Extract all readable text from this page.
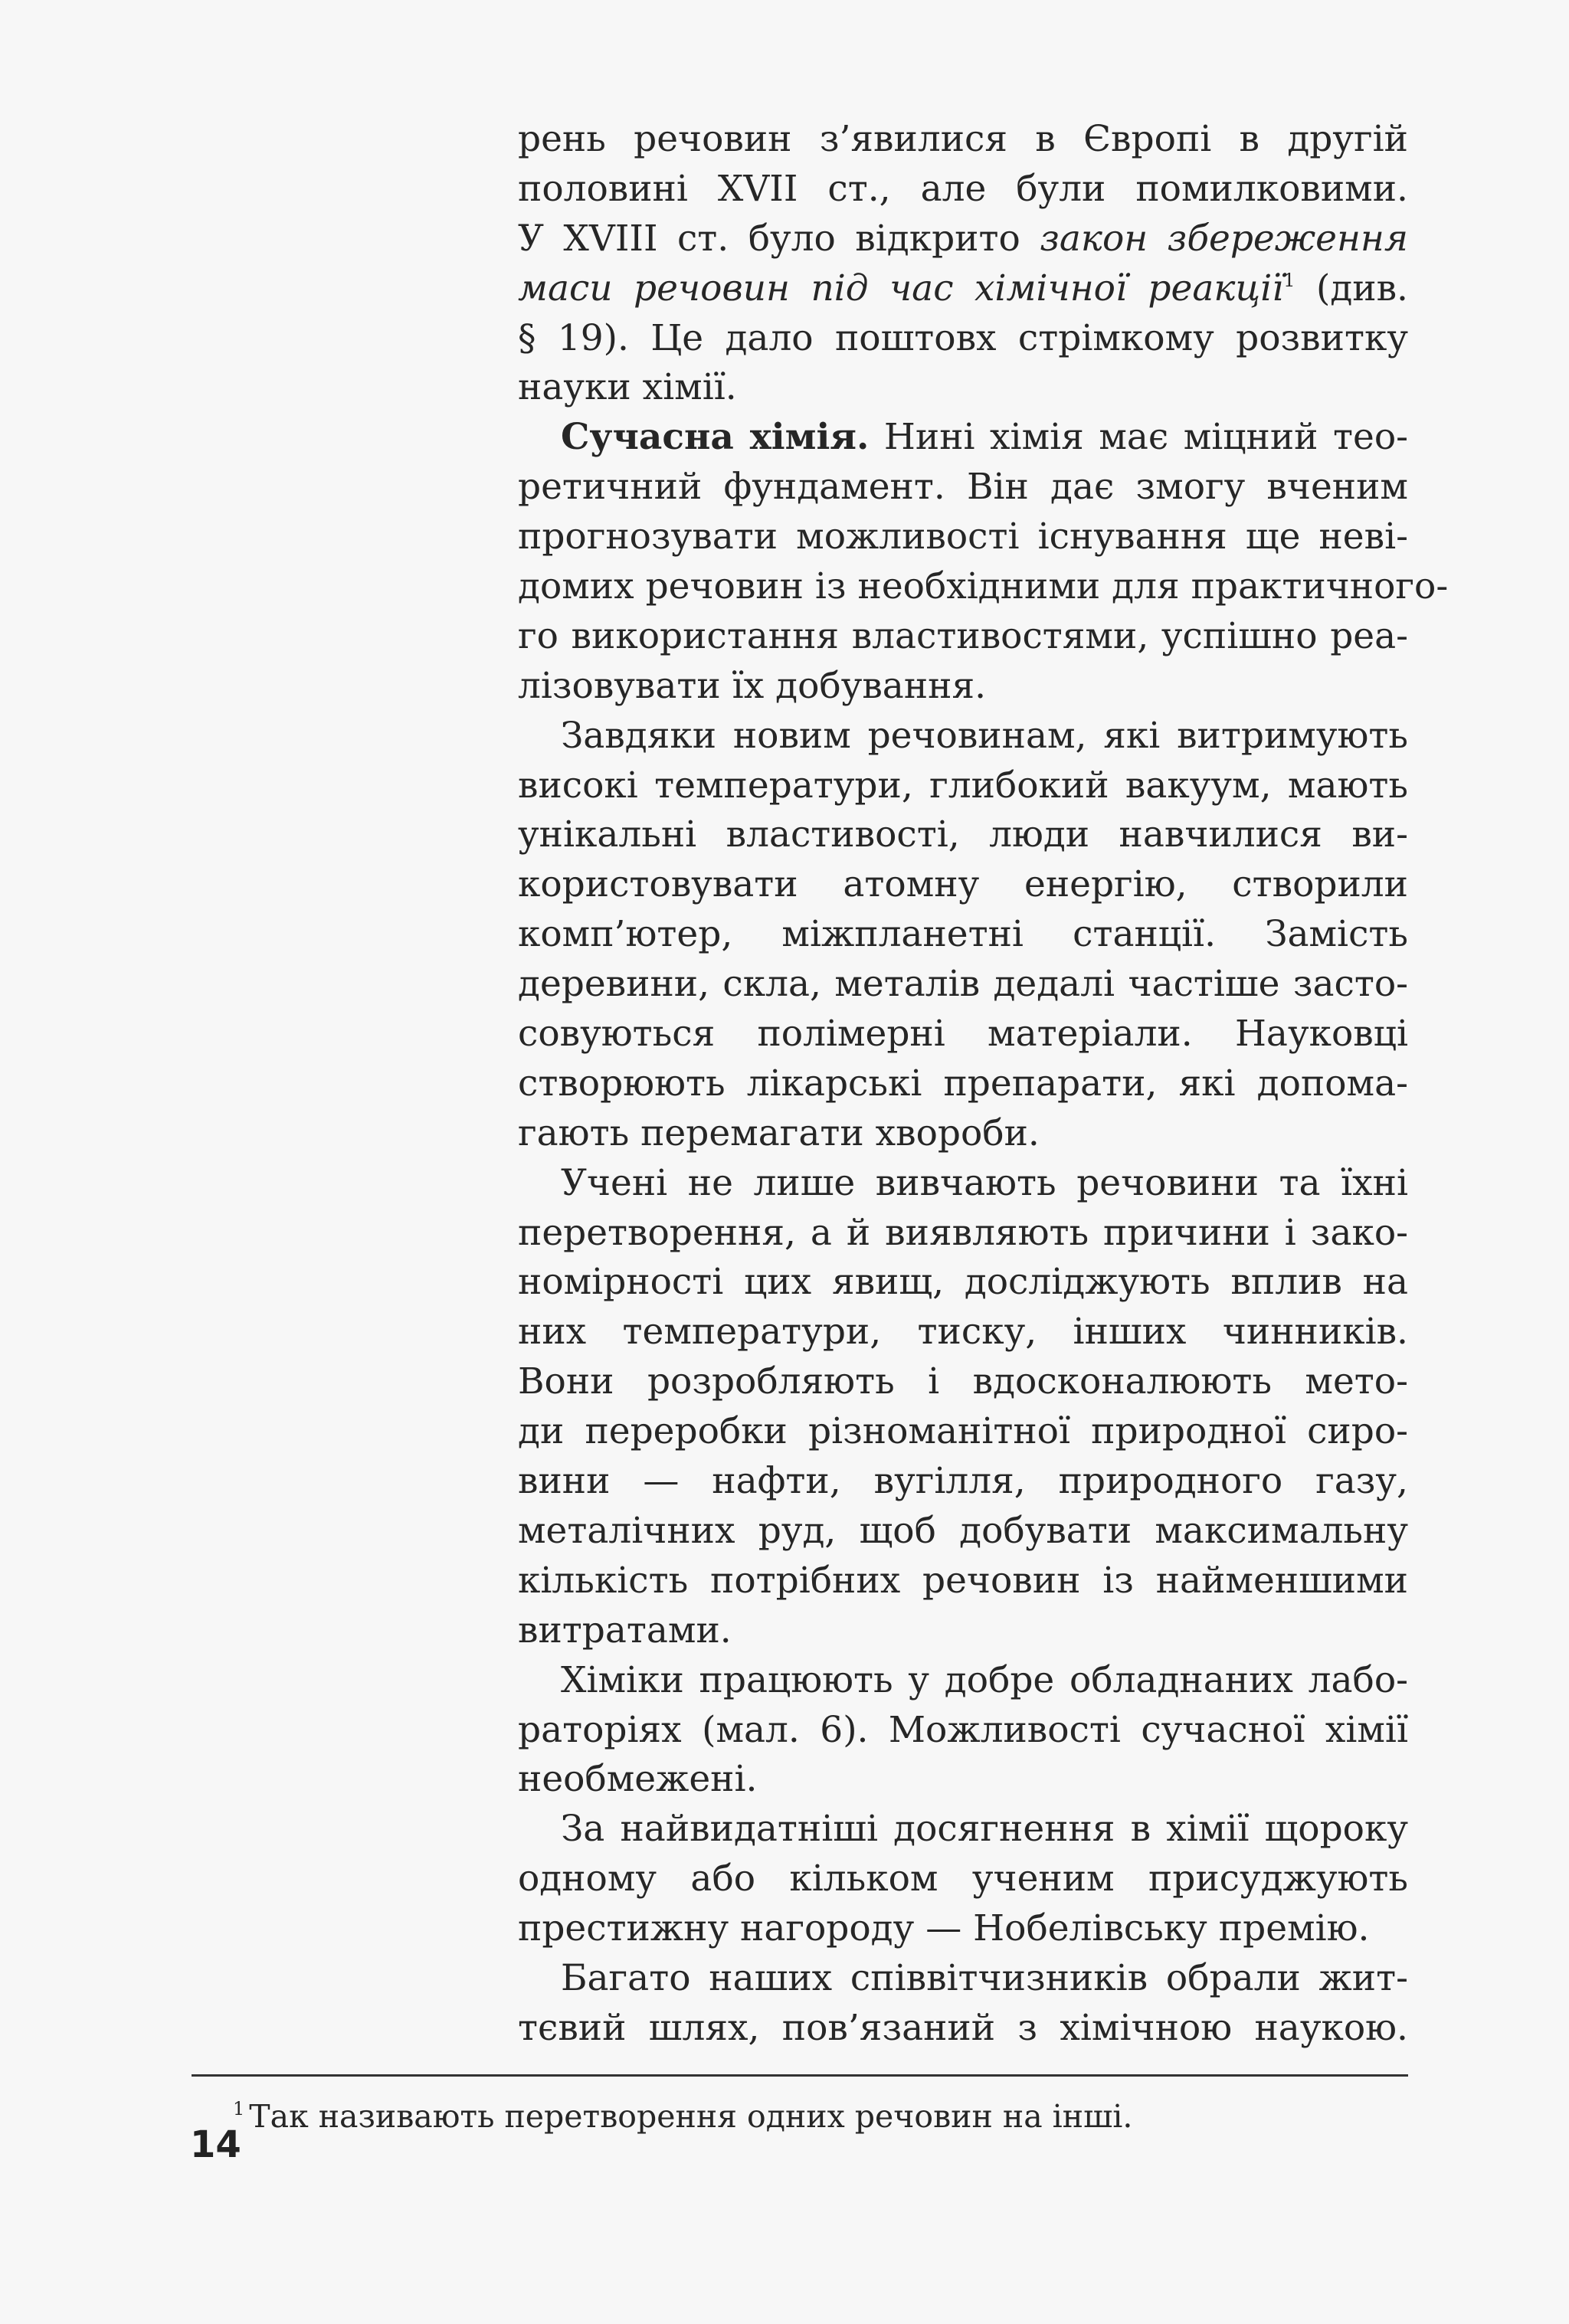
рень речовин з’явилися в Європі в другій
половині XVII ст., але були помилковими.
У XVIII ст. було відкрито закон збереження
маси речовин під час хімічної реакції$^1$ (див.
§ 19). Це дало поштовх стрімкому розвитку
науки хімії.
Сучасна хімія. Нині хімія має міцний тео-
ретичний фундамент. Він дає змогу вченим
прогнозувати можливості існування ще неві-
домих речовин із необхідними для практичного-
го використання властивостями, успішно реа-
лізовувати їх добування.
Завдяки новим речовинам, які витримують
високі температури, глибокий вакуум, мають
унікальні властивості, люди навчилися ви-
користовувати атомну енергію, створили
комп’ютер, міжпланетні станції. Замість
деревини, скла, металів дедалі частіше засто-
совуються полімерні матеріали. Науковці
створюють лікарські препарати, які допома-
гають перемагати хвороби.
Учені не лише вивчають речовини та їхні
перетворення, а й виявляють причини і зако-
номірності цих явищ, досліджують вплив на
них температури, тиску, інших чинників.
Вони розробляють і вдосконалюють мето-
ди переробки різноманітної природної сиро-
вини — нафти, вугілля, природного газу,
металічних руд, щоб добувати максимальну
кількість потрібних речовин із найменшими
витратами.
Хіміки працюють у добре обладнаних лабо-
раторіях (мал. 6). Можливості сучасної хімії
необмежені.
За найвидатніші досягнення в хімії щороку
одному або кільком ученим присуджують
престижну нагороду — Нобелівську премію.
Багато наших співвітчизників обрали жит-
тєвий шлях, пов’язаний з хімічною наукою.
$^1$ Так називають перетворення одних речовин на інші.
14
